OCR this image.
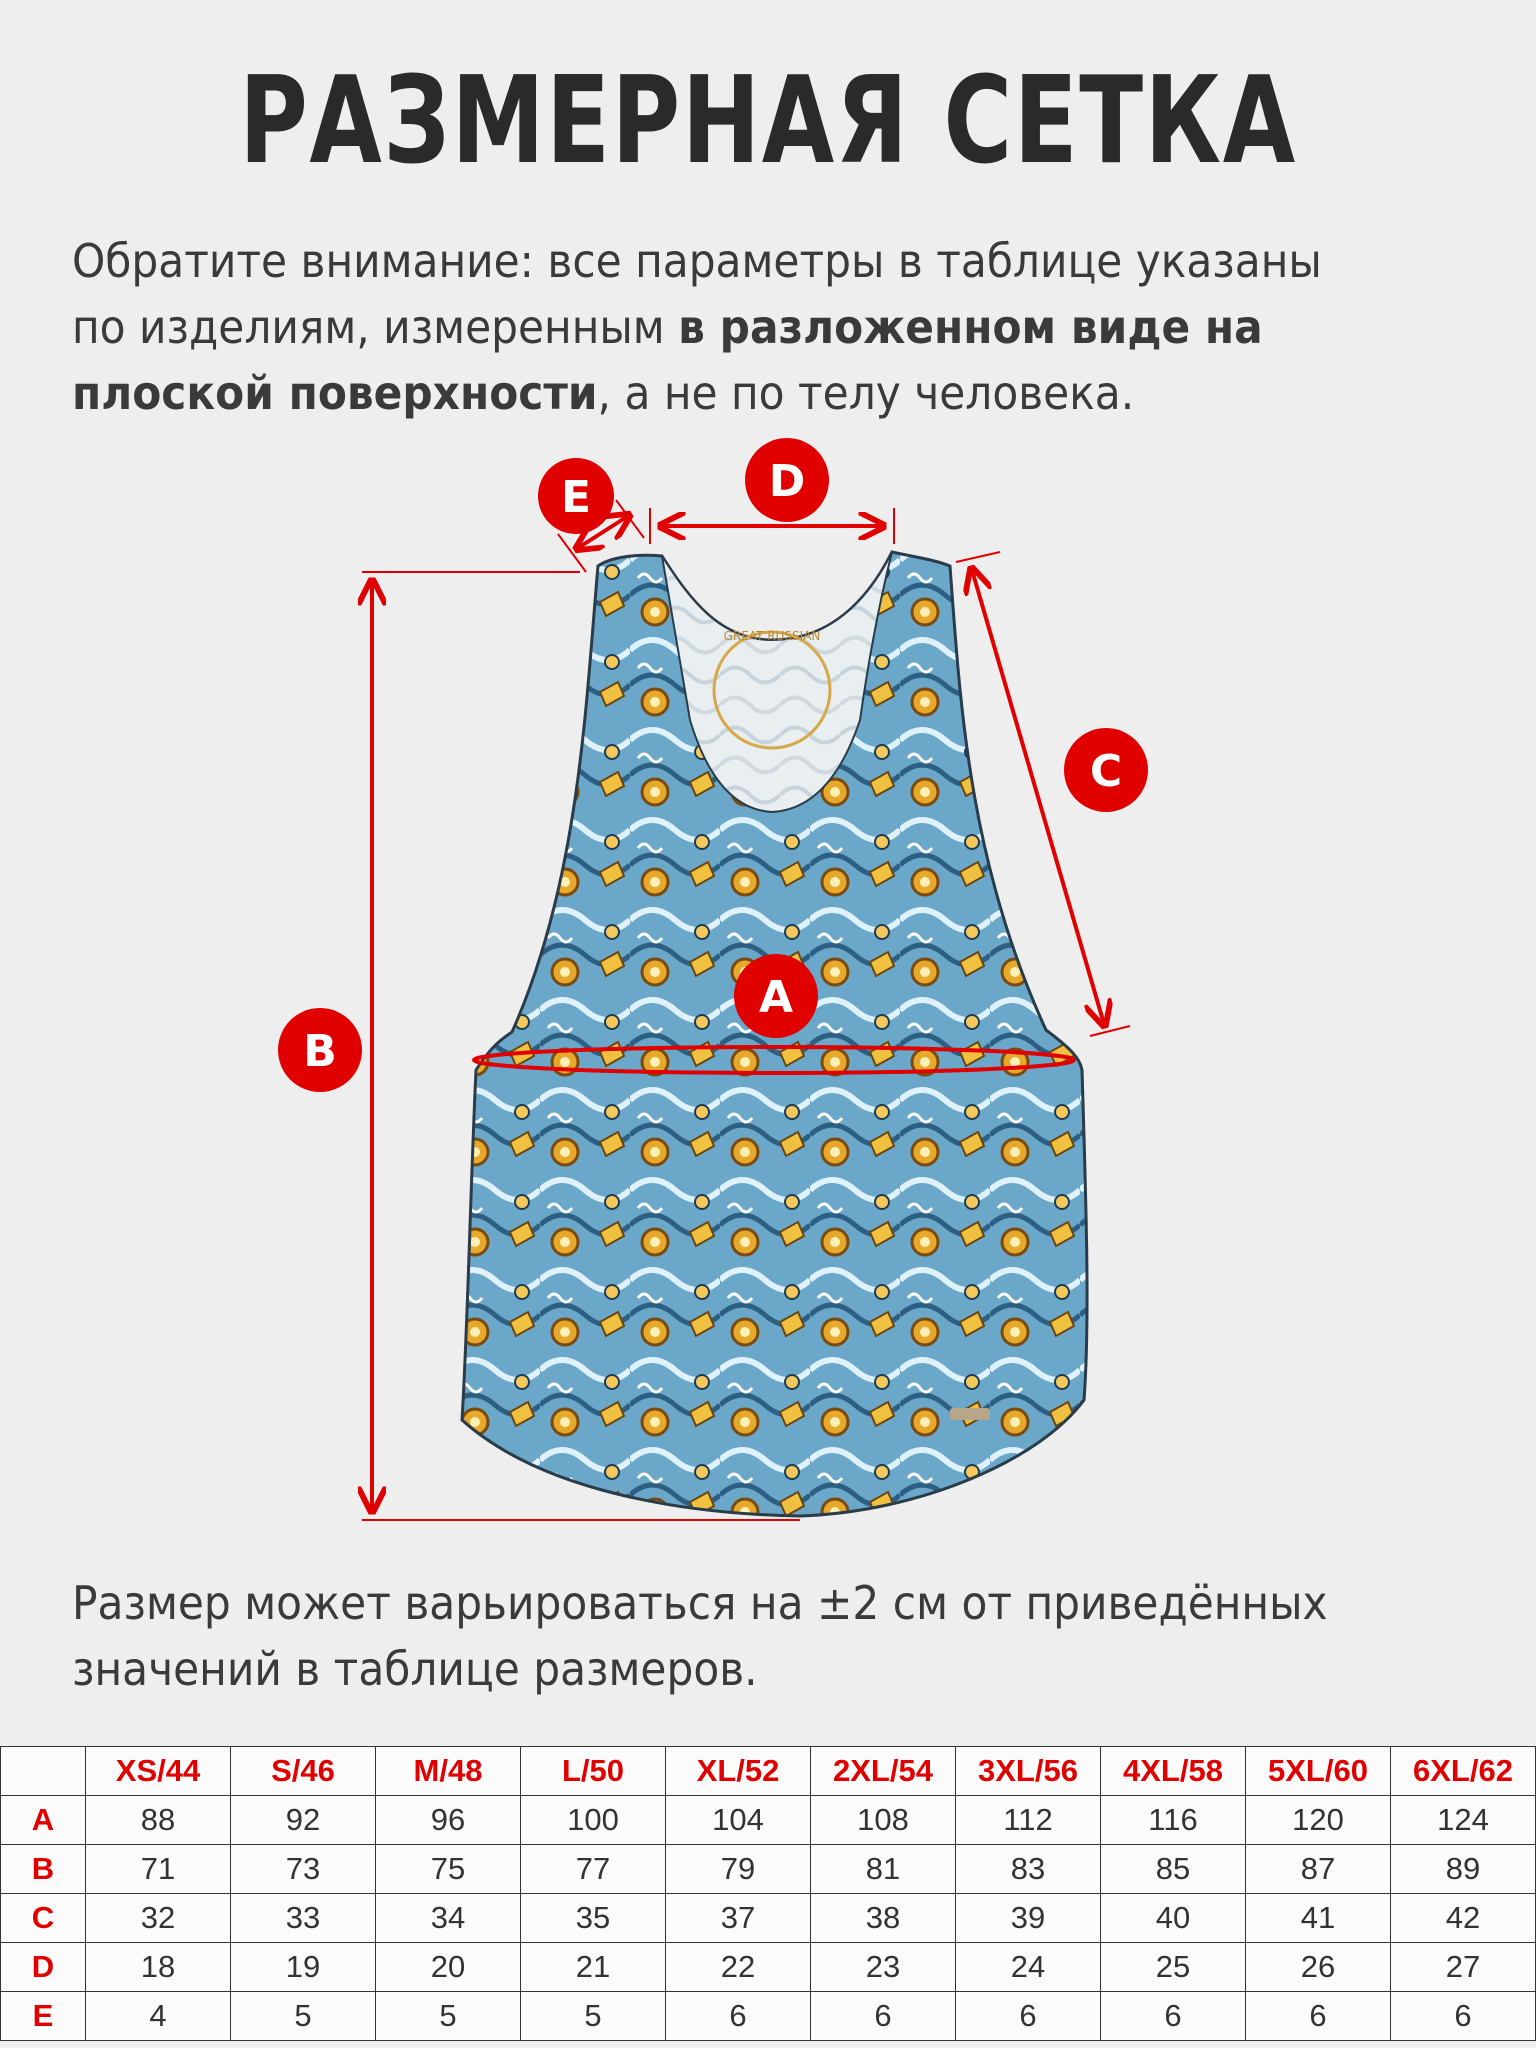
РАЗМЕРНАЯ СЕТКА
Обратите внимание: все параметры в таблице указаны по изделиям, измеренным в разложенном виде на плоской поверхности, а не по телу человека.
GREAT RUSSIAN
B
A
C
D
E
Размер может варьироваться на ±2 см от приведённых значений в таблице размеров.
	XS/44	S/46	M/48	L/50	XL/52	2XL/54	3XL/56	4XL/58	5XL/60	6XL/62
A	88	92	96	100	104	108	112	116	120	124
B	71	73	75	77	79	81	83	85	87	89
C	32	33	34	35	37	38	39	40	41	42
D	18	19	20	21	22	23	24	25	26	27
E	4	5	5	5	6	6	6	6	6	6
